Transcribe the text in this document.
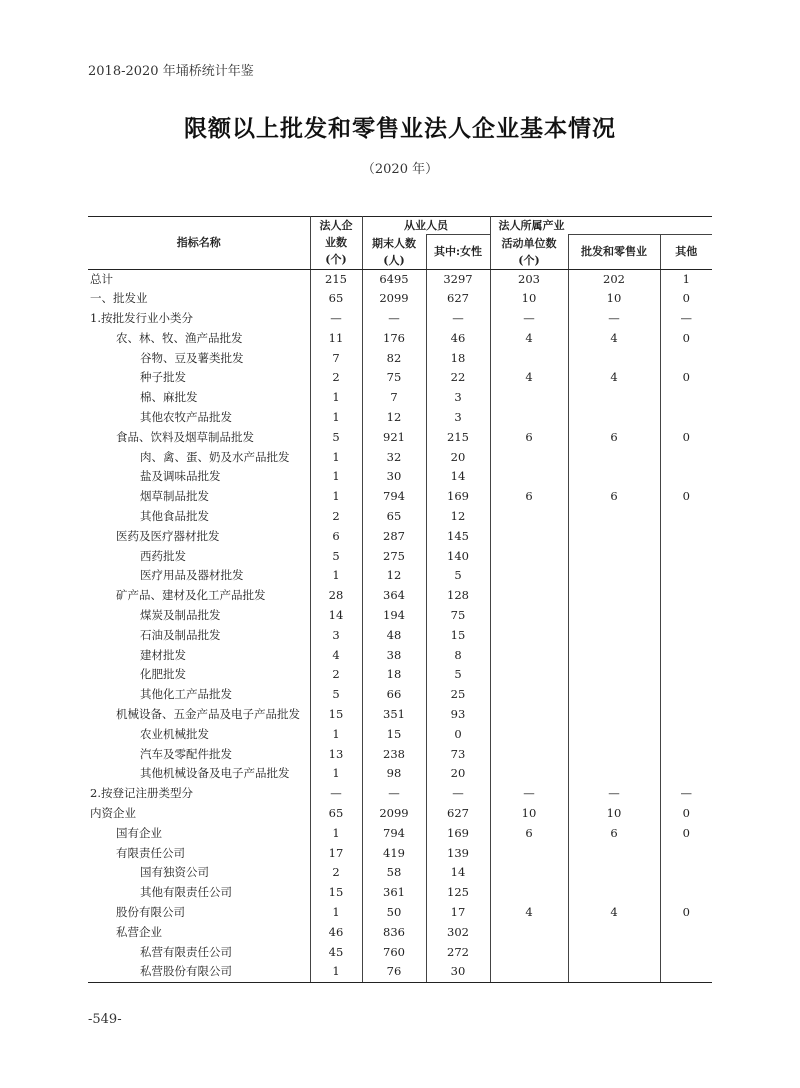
2018-2020 年埇桥统计年鉴
限额以上批发和零售业法人企业基本情况
（2020 年）
指标名称	法人企业数(个)	从业人员		法人所属产业		
		期末人数(人)	其中:女性	活动单位数(个)	批发和零售业	其他

总计	215	6495	3297	203	202	1
一、批发业	65	2099	627	10	10	0
1.按批发行业小类分	—	—	—	—	—	—
农、林、牧、渔产品批发	11	176	46	4	4	0
谷物、豆及薯类批发	7	82	18			
种子批发	2	75	22	4	4	0
棉、麻批发	1	7	3			
其他农牧产品批发	1	12	3			
食品、饮料及烟草制品批发	5	921	215	6	6	0
肉、禽、蛋、奶及水产品批发	1	32	20			
盐及调味品批发	1	30	14			
烟草制品批发	1	794	169	6	6	0
其他食品批发	2	65	12			
医药及医疗器材批发	6	287	145			
西药批发	5	275	140			
医疗用品及器材批发	1	12	5			
矿产品、建材及化工产品批发	28	364	128			
煤炭及制品批发	14	194	75			
石油及制品批发	3	48	15			
建材批发	4	38	8			
化肥批发	2	18	5			
其他化工产品批发	5	66	25			
机械设备、五金产品及电子产品批发	15	351	93			
农业机械批发	1	15	0			
汽车及零配件批发	13	238	73			
其他机械设备及电子产品批发	1	98	20			
2.按登记注册类型分	—	—	—	—	—	—
内资企业	65	2099	627	10	10	0
国有企业	1	794	169	6	6	0
有限责任公司	17	419	139			
国有独资公司	2	58	14			
其他有限责任公司	15	361	125			
股份有限公司	1	50	17	4	4	0
私营企业	46	836	302			
私营有限责任公司	45	760	272			
私营股份有限公司	1	76	30			
-549-
